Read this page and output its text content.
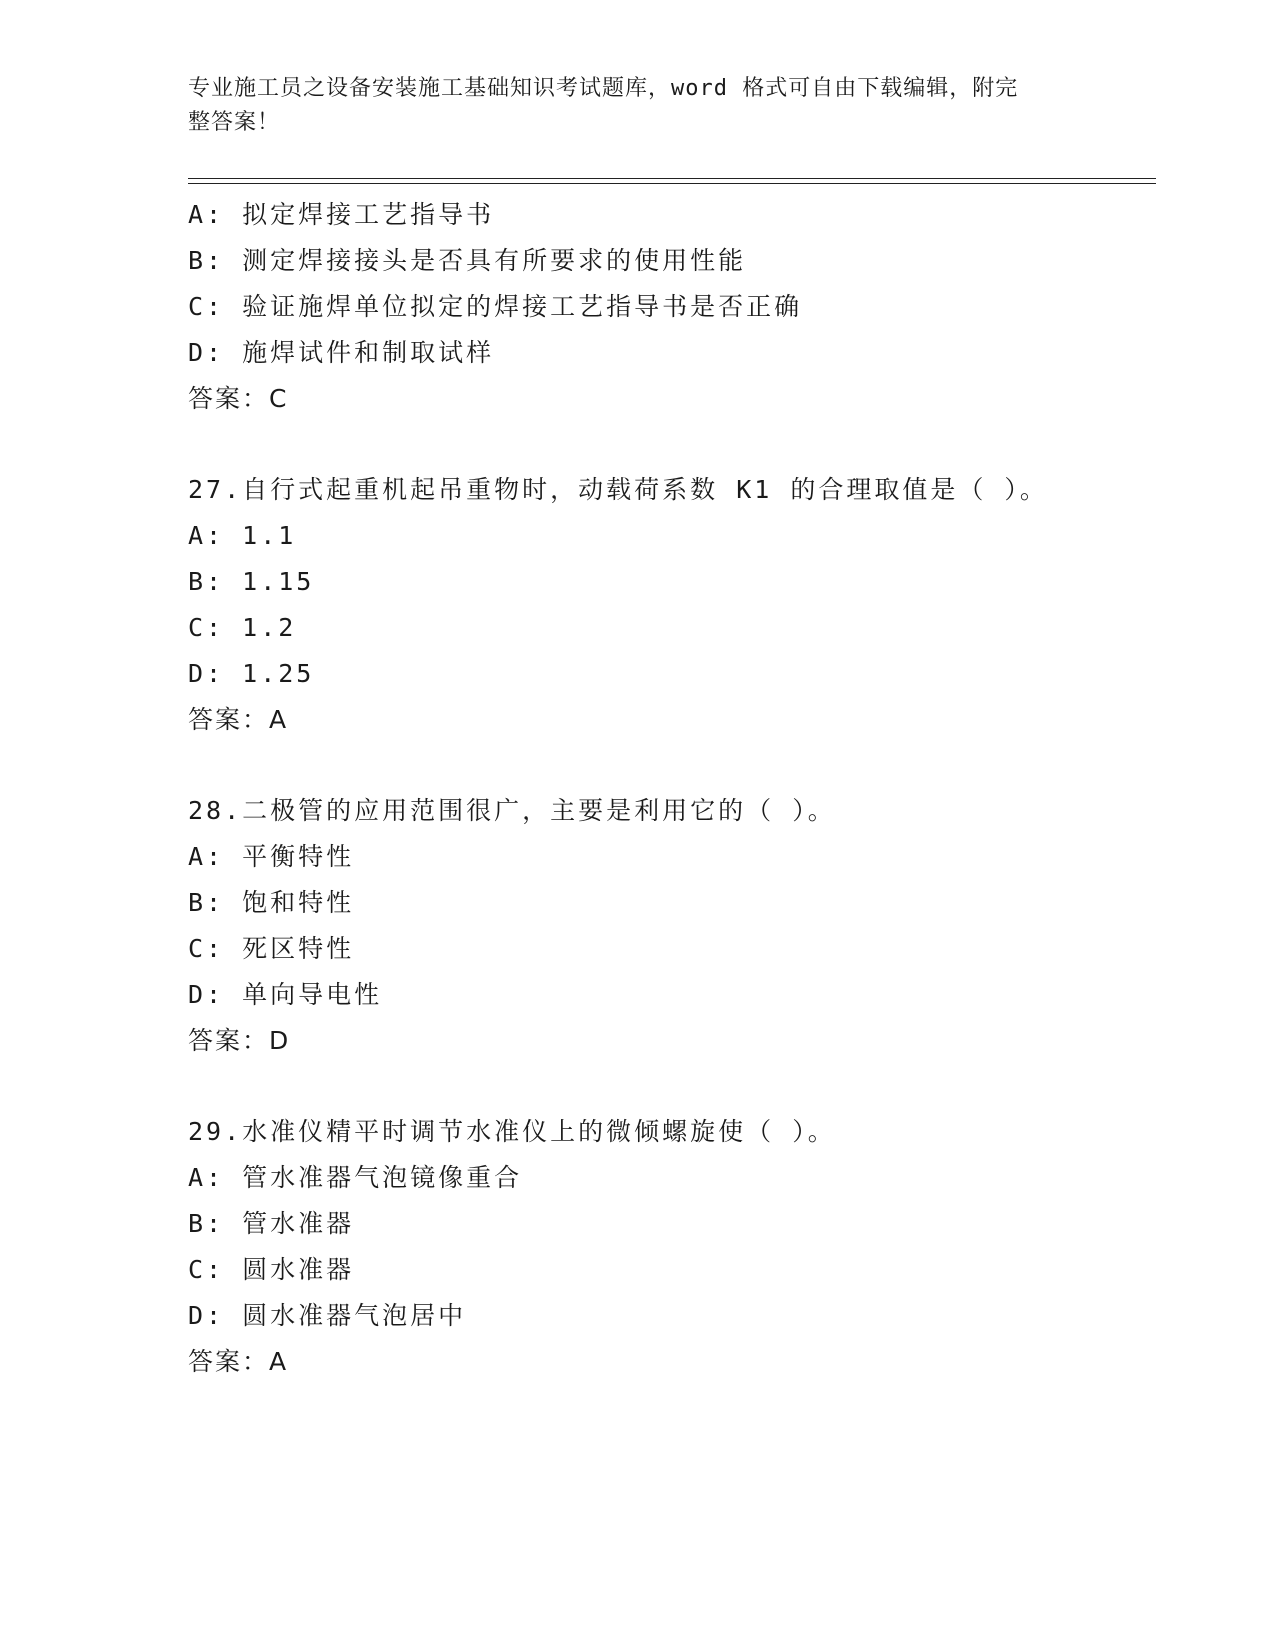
专业施工员之设备安装施工基础知识考试题库，word 格式可自由下载编辑，附完
整答案！
A: 拟定焊接工艺指导书
B: 测定焊接接头是否具有所要求的使用性能
C: 验证施焊单位拟定的焊接工艺指导书是否正确
D: 施焊试件和制取试样
答案：C
27.自行式起重机起吊重物时，动载荷系数 K1 的合理取值是（ ）。
A: 1.1
B: 1.15
C: 1.2
D: 1.25
答案：A
28.二极管的应用范围很广，主要是利用它的（ ）。
A: 平衡特性
B: 饱和特性
C: 死区特性
D: 单向导电性
答案：D
29.水准仪精平时调节水准仪上的微倾螺旋使（ ）。
A: 管水准器气泡镜像重合
B: 管水准器
C: 圆水准器
D: 圆水准器气泡居中
答案：A
